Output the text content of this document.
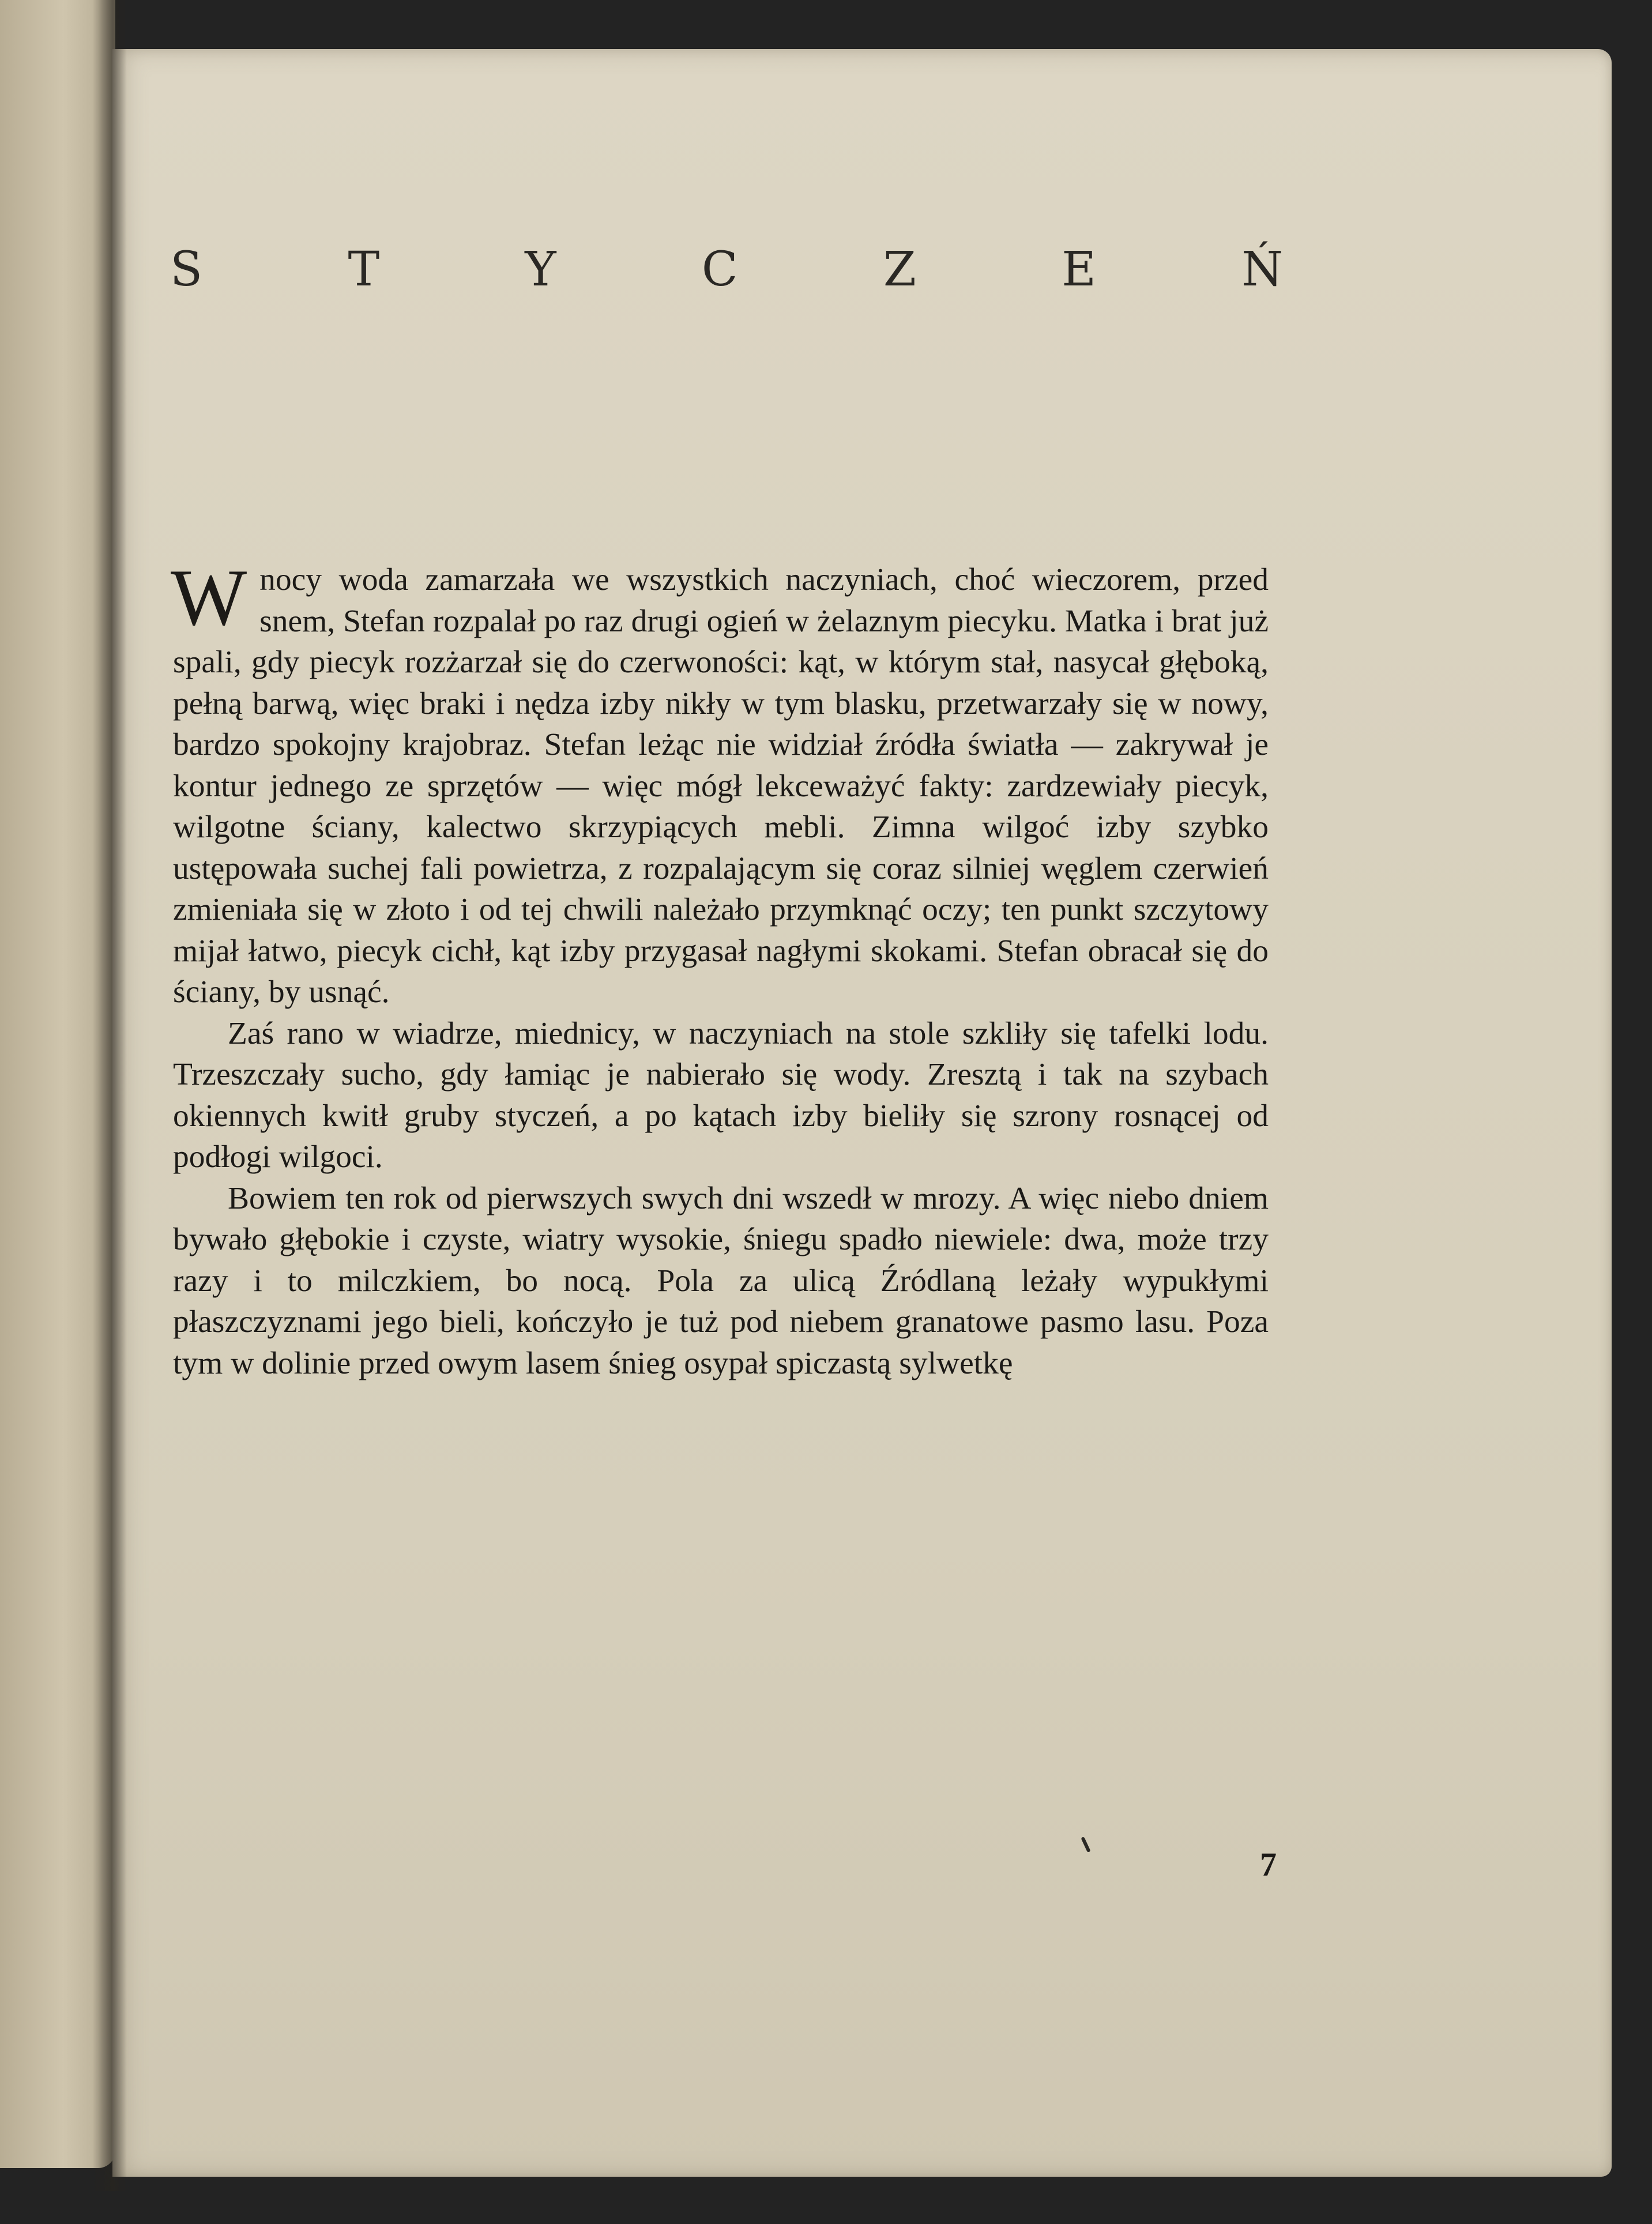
S	T	Y	C	Z	E	Ń

Wnocy woda zamarzała we wszystkich naczyniach, choć wieczorem, przed snem, Stefan rozpalał po raz drugi ogień w żelaznym piecyku. Matka i brat już spali, gdy piecyk rozżarzał się do czerwoności: kąt, w którym stał, nasycał głęboką, pełną barwą, więc braki i nędza izby nikły w tym blasku, przetwarzały się w nowy, bardzo spokojny krajobraz. Stefan leżąc nie widział źródła światła — zakrywał je kontur jednego ze sprzętów — więc mógł lekceważyć fakty: zardzewiały piecyk, wilgotne ściany, kalectwo skrzypiących mebli. Zimna wilgoć izby szybko ustępowała suchej fali powietrza, z rozpalającym się coraz silniej węglem czerwień zmieniała się w złoto i od tej chwili należało przymknąć oczy; ten punkt szczytowy mijał łatwo, piecyk cichł, kąt izby przygasał nagłymi skokami. Stefan obracał się do ściany, by usnąć.

Zaś rano w wiadrze, miednicy, w naczyniach na stole szkliły się tafelki lodu. Trzeszczały sucho, gdy łamiąc je nabierało się wody. Zresztą i tak na szybach okiennych kwitł gruby styczeń, a po kątach izby bieliły się szrony rosnącej od podłogi wilgoci.

Bowiem ten rok od pierwszych swych dni wszedł w mrozy. A więc niebo dniem bywało głębokie i czyste, wiatry wysokie, śniegu spadło niewiele: dwa, może trzy razy i to milczkiem, bo nocą. Pola za ulicą Źródlaną leżały wypukłymi płaszczyznami jego bieli, kończyło je tuż pod niebem granatowe pasmo lasu. Poza tym w dolinie przed owym lasem śnieg osypał spiczastą sylwetkę

7
